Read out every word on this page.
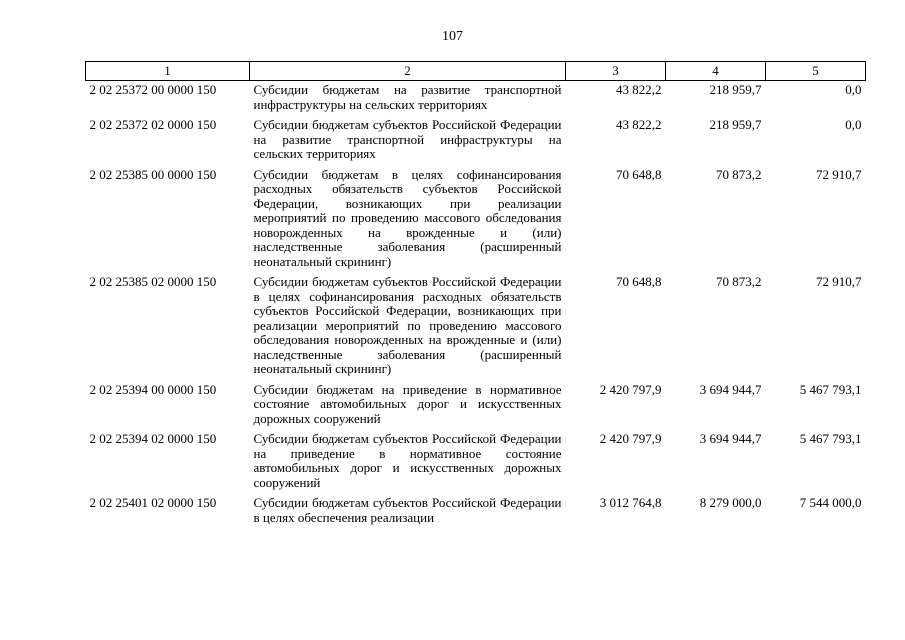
107
1	2	3	4	5
2 02 25372 00 0000 150	Субсидии бюджетам на развитие транспортной инфраструктуры на сельских территориях	43 822,2	218 959,7	0,0
2 02 25372 02 0000 150	Субсидии бюджетам субъектов Российской Федерации на развитие транспортной инфраструктуры на сельских территориях	43 822,2	218 959,7	0,0
2 02 25385 00 0000 150	Субсидии бюджетам в целях софинансирования расходных обязательств субъектов Российской Федерации, возникающих при реализации мероприятий по проведению массового обследования новорожденных на врожденные и (или) наследственные заболевания (расширенный неонатальный скрининг)	70 648,8	70 873,2	72 910,7
2 02 25385 02 0000 150	Субсидии бюджетам субъектов Российской Федерации в целях софинансирования расходных обязательств субъектов Российской Федерации, возникающих при реализации мероприятий по проведению массового обследования новорожденных на врожденные и (или) наследственные заболевания (расширенный неонатальный скрининг)	70 648,8	70 873,2	72 910,7
2 02 25394 00 0000 150	Субсидии бюджетам на приведение в нормативное состояние автомобильных дорог и искусственных дорожных сооружений	2 420 797,9	3 694 944,7	5 467 793,1
2 02 25394 02 0000 150	Субсидии бюджетам субъектов Российской Федерации на приведение в нормативное состояние автомобильных дорог и искусственных дорожных сооружений	2 420 797,9	3 694 944,7	5 467 793,1
2 02 25401 02 0000 150	Субсидии бюджетам субъектов Российской Федерации в целях обеспечения реализации	3 012 764,8	8 279 000,0	7 544 000,0
